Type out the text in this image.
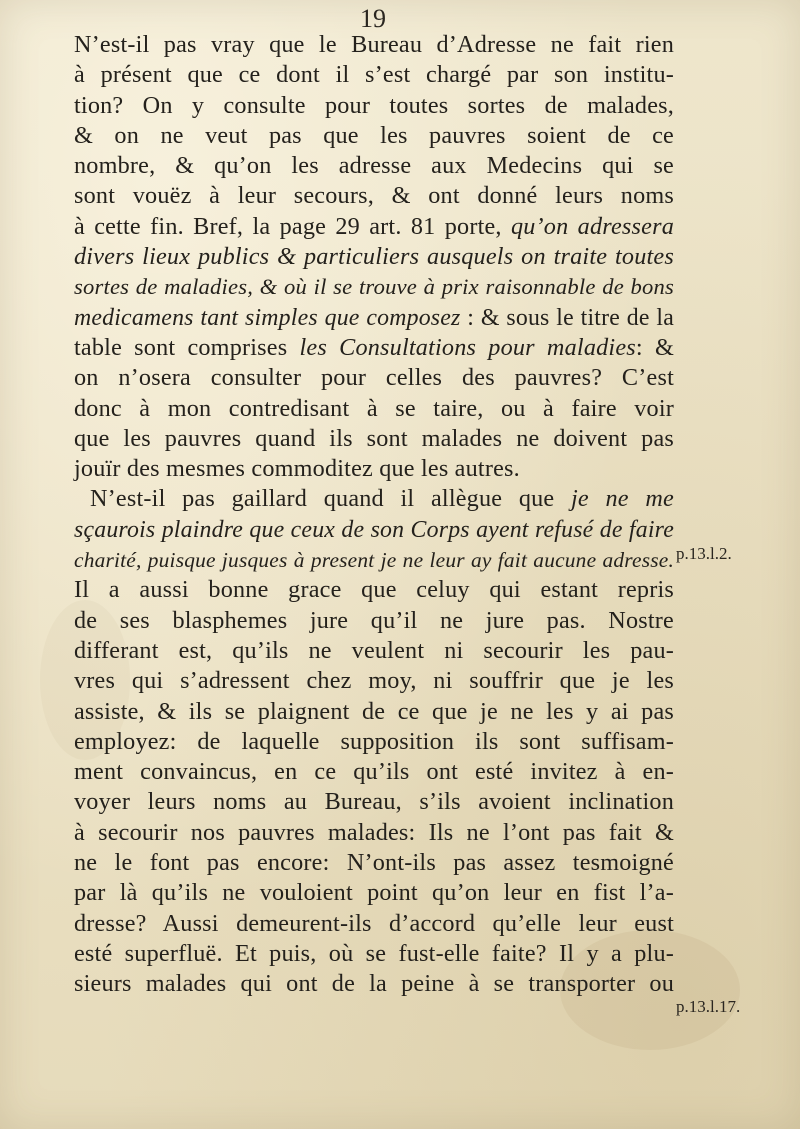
19
N’est-il pas vray que le Bureau d’Adresse ne fait rien
à présent que ce dont il s’est chargé par son institu-
tion? On y consulte pour toutes sortes de malades,
& on ne veut pas que les pauvres soient de ce
nombre, & qu’on les adresse aux Medecins qui se
sont vouëz à leur secours, & ont donné leurs noms
à cette fin. Bref, la page 29 art. 81 porte, qu’on adressera
divers lieux publics & particuliers ausquels on traite toutes
sortes de maladies, & où il se trouve à prix raisonnable de bons
medicamens tant simples que composez : & sous le titre de la
table sont comprises les Consultations pour maladies: &
on n’osera consulter pour celles des pauvres? C’est
donc à mon contredisant à se taire, ou à faire voir
que les pauvres quand ils sont malades ne doivent pas
jouïr des mesmes commoditez que les autres.
N’est-il pas gaillard quand il allègue que je ne me
sçaurois plaindre que ceux de son Corps ayent refusé de faire
charité, puisque jusques à present je ne leur ay fait aucune adresse.
Il a aussi bonne grace que celuy qui estant repris
de ses blasphemes jure qu’il ne jure pas. Nostre
differant est, qu’ils ne veulent ni secourir les pau-
vres qui s’adressent chez moy, ni souffrir que je les
assiste, & ils se plaignent de ce que je ne les y ai pas
employez: de laquelle supposition ils sont suffisam-
ment convaincus, en ce qu’ils ont esté invitez à en-
voyer leurs noms au Bureau, s’ils avoient inclination
à secourir nos pauvres malades: Ils ne l’ont pas fait &
ne le font pas encore: N’ont-ils pas assez tesmoigné
par là qu’ils ne vouloient point qu’on leur en fist l’a-
dresse? Aussi demeurent-ils d’accord qu’elle leur eust
esté superfluë. Et puis, où se fust-elle faite? Il y a plu-
sieurs malades qui ont de la peine à se transporter ou
p.13.l.2.
p.13.l.17.
